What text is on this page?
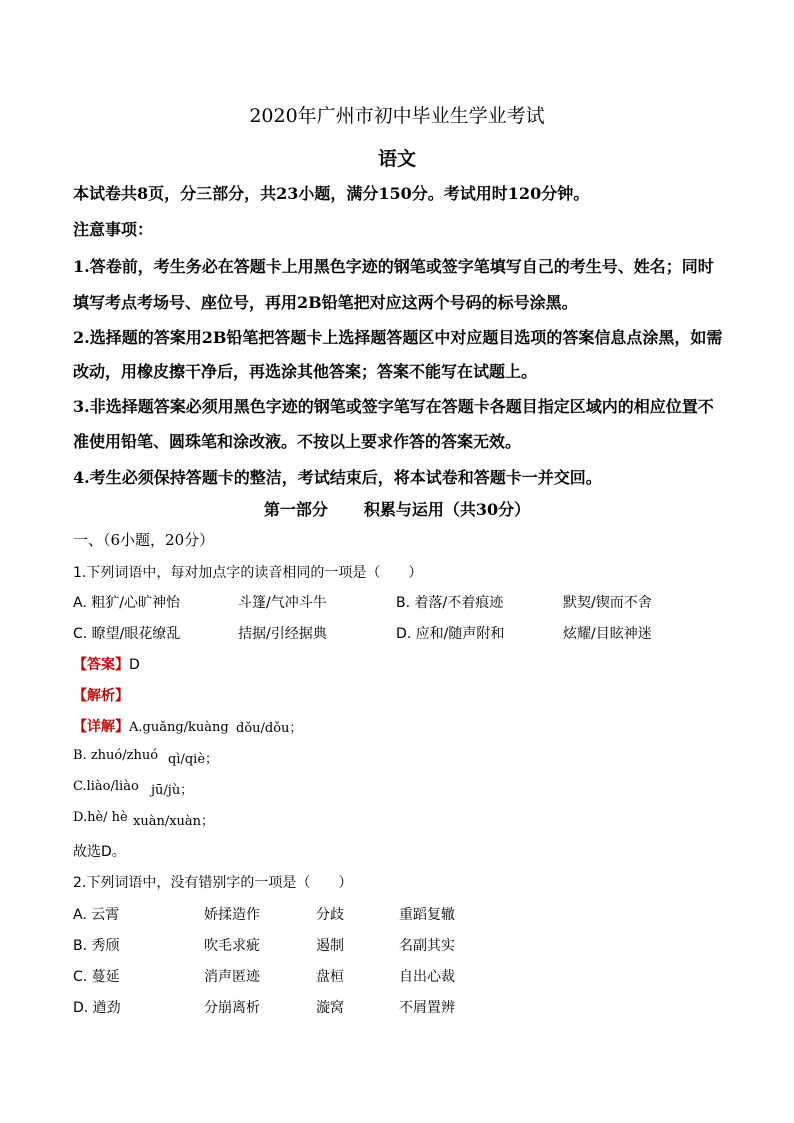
2020年广州市初中毕业生学业考试
语文
本试卷共8页，分三部分，共23小题，满分150分。考试用时120分钟。
注意事项：
1.答卷前，考生务必在答题卡上用黑色字迹的钢笔或签字笔填写自己的考生号、姓名；同时
填写考点考场号、座位号，再用2B铅笔把对应这两个号码的标号涂黑。
2.选择题的答案用2B铅笔把答题卡上选择题答题区中对应题目选项的答案信息点涂黑，如需
改动，用橡皮擦干净后，再选涂其他答案；答案不能写在试题上。
3.非选择题答案必须用黑色字迹的钢笔或签字笔写在答题卡各题目指定区域内的相应位置不
准使用铅笔、圆珠笔和涂改液。不按以上要求作答的答案无效。
4.考生必须保持答题卡的整洁，考试结束后，将本试卷和答题卡一并交回。
第一部分 积累与运用（共30分）
一、（6小题，20分）
1.下列词语中，每对加点字的读音相同的一项是（　　）
A. 粗犷/心旷神怡	斗篷/气冲斗牛	B. 着落/不着痕迹	默契/锲而不舍
C. 瞭望/眼花缭乱	拮据/引经据典	D. 应和/随声附和	炫耀/目眩神迷
【答案】D
【解析】
【详解】A.guǎng/kuàng dǒu/dǒu；
B. zhuó/zhuó qì/qiè；
C.liào/liào jū/jù；
D.hè/ hè xuàn/xuàn；
故选D。
2.下列词语中，没有错别字的一项是（　　）
A. 云霄	娇揉造作	分歧	重蹈复辙
B. 秀颀	吹毛求疵	遏制	名副其实
C. 蔓延	消声匿迹	盘桓	自出心裁
D. 遒劲	分崩离析	漩窝	不屑置辨
